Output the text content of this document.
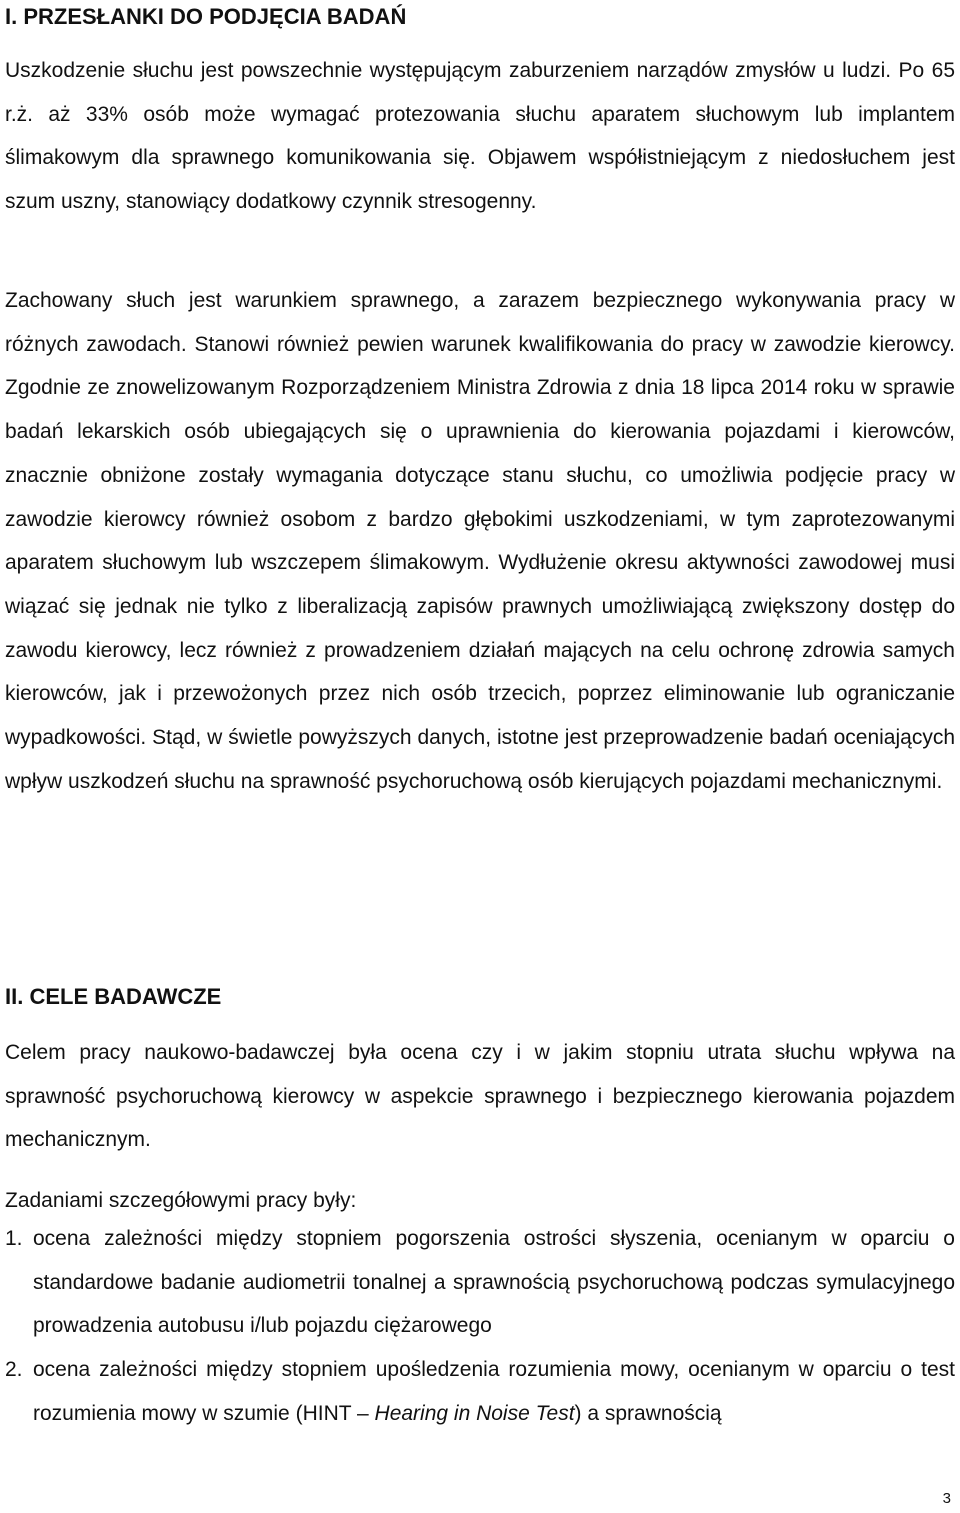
I. PRZESŁANKI DO PODJĘCIA BADAŃ

Uszkodzenie słuchu jest powszechnie występującym zaburzeniem narządów zmysłów u ludzi. Po 65 r.ż. aż 33% osób może wymagać protezowania słuchu aparatem słuchowym lub implantem ślimakowym dla sprawnego komunikowania się. Objawem współistniejącym z niedosłuchem jest szum uszny, stanowiący dodatkowy czynnik stresogenny.

Zachowany słuch jest warunkiem sprawnego, a zarazem bezpiecznego wykonywania pracy w różnych zawodach. Stanowi również pewien warunek kwalifikowania do pracy w zawodzie kierowcy. Zgodnie ze znowelizowanym Rozporządzeniem Ministra Zdrowia z dnia 18 lipca 2014 roku w sprawie badań lekarskich osób ubiegających się o uprawnienia do kierowania pojazdami i kierowców, znacznie obniżone zostały wymagania dotyczące stanu słuchu, co umożliwia podjęcie pracy w zawodzie kierowcy również osobom z bardzo głębokimi uszkodzeniami, w tym zaprotezowanymi aparatem słuchowym lub wszczepem ślimakowym. Wydłużenie okresu aktywności zawodowej musi wiązać się jednak nie tylko z liberalizacją zapisów prawnych umożliwiającą zwiększony dostęp do zawodu kierowcy, lecz również z prowadzeniem działań mających na celu ochronę zdrowia samych kierowców, jak i przewożonych przez nich osób trzecich, poprzez eliminowanie lub ograniczanie wypadkowości. Stąd, w świetle powyższych danych, istotne jest przeprowadzenie badań oceniających wpływ uszkodzeń słuchu na sprawność psychoruchową osób kierujących pojazdami mechanicznymi.

II. CELE BADAWCZE

Celem pracy naukowo-badawczej była ocena czy i w jakim stopniu utrata słuchu wpływa na sprawność psychoruchową kierowcy w aspekcie sprawnego i bezpiecznego kierowania pojazdem mechanicznym.

Zadaniami szczegółowymi pracy były:

1. ocena zależności między stopniem pogorszenia ostrości słyszenia, ocenianym w oparciu o standardowe badanie audiometrii tonalnej a sprawnością psychoruchową podczas symulacyjnego prowadzenia autobusu i/lub pojazdu ciężarowego
2. ocena zależności między stopniem upośledzenia rozumienia mowy, ocenianym w oparciu o test rozumienia mowy w szumie (HINT – Hearing in Noise Test) a sprawnością
3
